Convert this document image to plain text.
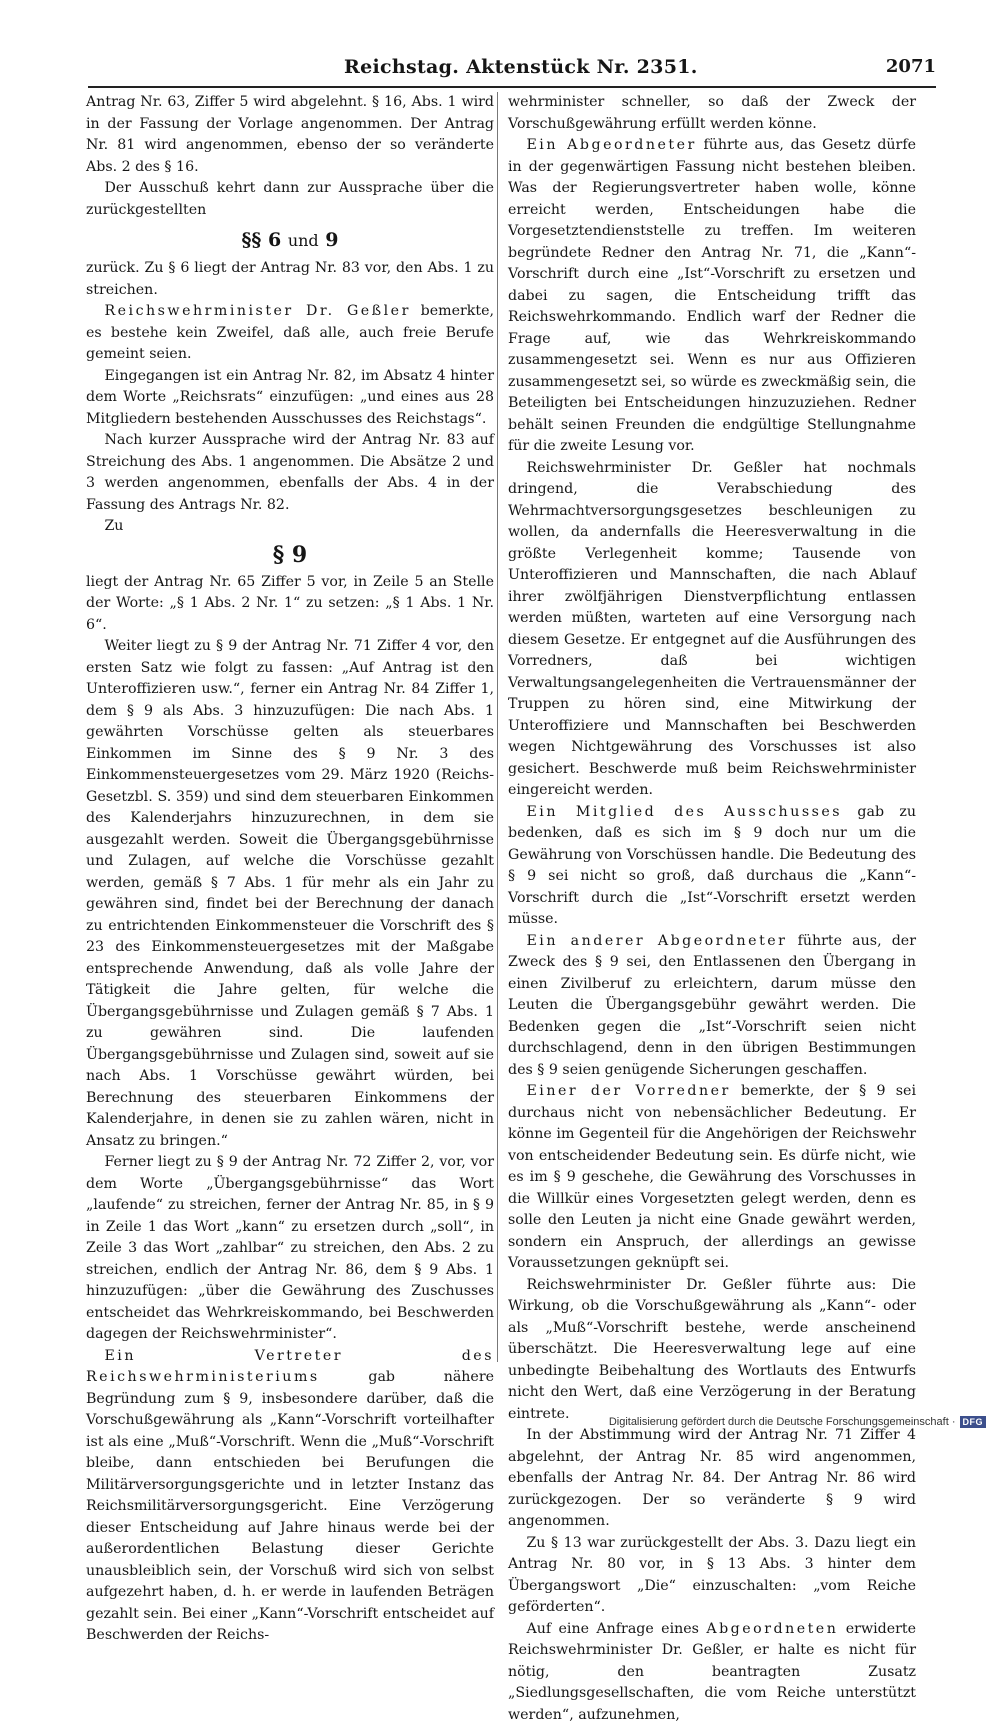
Reichstag. Aktenstück Nr. 2351.	2071

Antrag Nr. 63, Ziffer 5 wird abgelehnt. § 16, Abs. 1 wird in der Fassung der Vorlage angenommen. Der Antrag Nr. 81 wird angenommen, ebenso der so veränderte Abs. 2 des § 16.

Der Ausschuß kehrt dann zur Aussprache über die zurückgestellten

§§ 6 und 9

zurück. Zu § 6 liegt der Antrag Nr. 83 vor, den Abs. 1 zu streichen.

Reichswehrminister Dr. Geßler bemerkte, es bestehe kein Zweifel, daß alle, auch freie Berufe gemeint seien.

Eingegangen ist ein Antrag Nr. 82, im Absatz 4 hinter dem Worte „Reichsrats“ einzufügen: „und eines aus 28 Mitgliedern bestehenden Ausschusses des Reichstags“.

Nach kurzer Aussprache wird der Antrag Nr. 83 auf Streichung des Abs. 1 angenommen. Die Absätze 2 und 3 werden angenommen, ebenfalls der Abs. 4 in der Fassung des Antrags Nr. 82.

Zu

§ 9

liegt der Antrag Nr. 65 Ziffer 5 vor, in Zeile 5 an Stelle der Worte: „§ 1 Abs. 2 Nr. 1“ zu setzen: „§ 1 Abs. 1 Nr. 6“.

Weiter liegt zu § 9 der Antrag Nr. 71 Ziffer 4 vor, den ersten Satz wie folgt zu fassen: „Auf Antrag ist den Unteroffizieren usw.“, ferner ein Antrag Nr. 84 Ziffer 1, dem § 9 als Abs. 3 hinzuzufügen: Die nach Abs. 1 gewährten Vorschüsse gelten als steuerbares Einkommen im Sinne des § 9 Nr. 3 des Einkommensteuergesetzes vom 29. März 1920 (Reichs-Gesetzbl. S. 359) und sind dem steuerbaren Einkommen des Kalenderjahrs hinzuzurechnen, in dem sie ausgezahlt werden. Soweit die Übergangsgebührnisse und Zulagen, auf welche die Vorschüsse gezahlt werden, gemäß § 7 Abs. 1 für mehr als ein Jahr zu gewähren sind, findet bei der Berechnung der danach zu entrichtenden Einkommensteuer die Vorschrift des § 23 des Einkommensteuergesetzes mit der Maßgabe entsprechende Anwendung, daß als volle Jahre der Tätigkeit die Jahre gelten, für welche die Übergangsgebührnisse und Zulagen gemäß § 7 Abs. 1 zu gewähren sind. Die laufenden Übergangsgebührnisse und Zulagen sind, soweit auf sie nach Abs. 1 Vorschüsse gewährt würden, bei Berechnung des steuerbaren Einkommens der Kalenderjahre, in denen sie zu zahlen wären, nicht in Ansatz zu bringen.“

Ferner liegt zu § 9 der Antrag Nr. 72 Ziffer 2, vor, vor dem Worte „Übergangsgebührnisse“ das Wort „laufende“ zu streichen, ferner der Antrag Nr. 85, in § 9 in Zeile 1 das Wort „kann“ zu ersetzen durch „soll“, in Zeile 3 das Wort „zahlbar“ zu streichen, den Abs. 2 zu streichen, endlich der Antrag Nr. 86, dem § 9 Abs. 1 hinzuzufügen: „über die Gewährung des Zuschusses entscheidet das Wehrkreiskommando, bei Beschwerden dagegen der Reichswehrminister“.

Ein Vertreter des Reichswehrministeriums gab nähere Begründung zum § 9, insbesondere darüber, daß die Vorschußgewährung als „Kann“-Vorschrift vorteilhafter ist als eine „Muß“-Vorschrift. Wenn die „Muß“-Vorschrift bleibe, dann entschieden bei Berufungen die Militärversorgungsgerichte und in letzter Instanz das Reichsmilitärversorgungsgericht. Eine Verzögerung dieser Entscheidung auf Jahre hinaus werde bei der außerordentlichen Belastung dieser Gerichte unausbleiblich sein, der Vorschuß wird sich von selbst aufgezehrt haben, d. h. er werde in laufenden Beträgen gezahlt sein. Bei einer „Kann“-Vorschrift entscheidet auf Beschwerden der Reichs-

wehrminister schneller, so daß der Zweck der Vorschußgewährung erfüllt werden könne.

Ein Abgeordneter führte aus, das Gesetz dürfe in der gegenwärtigen Fassung nicht bestehen bleiben. Was der Regierungsvertreter haben wolle, könne erreicht werden, Entscheidungen habe die Vorgesetztendienststelle zu treffen. Im weiteren begründete Redner den Antrag Nr. 71, die „Kann“-Vorschrift durch eine „Ist“-Vorschrift zu ersetzen und dabei zu sagen, die Entscheidung trifft das Reichswehrkommando. Endlich warf der Redner die Frage auf, wie das Wehrkreiskommando zusammengesetzt sei. Wenn es nur aus Offizieren zusammengesetzt sei, so würde es zweckmäßig sein, die Beteiligten bei Entscheidungen hinzuzuziehen. Redner behält seinen Freunden die endgültige Stellungnahme für die zweite Lesung vor.

Reichswehrminister Dr. Geßler hat nochmals dringend, die Verabschiedung des Wehrmachtversorgungsgesetzes beschleunigen zu wollen, da andernfalls die Heeresverwaltung in die größte Verlegenheit komme; Tausende von Unteroffizieren und Mannschaften, die nach Ablauf ihrer zwölfjährigen Dienstverpflichtung entlassen werden müßten, warteten auf eine Versorgung nach diesem Gesetze. Er entgegnet auf die Ausführungen des Vorredners, daß bei wichtigen Verwaltungsangelegenheiten die Vertrauensmänner der Truppen zu hören sind, eine Mitwirkung der Unteroffiziere und Mannschaften bei Beschwerden wegen Nichtgewährung des Vorschusses ist also gesichert. Beschwerde muß beim Reichswehrminister eingereicht werden.

Ein Mitglied des Ausschusses gab zu bedenken, daß es sich im § 9 doch nur um die Gewährung von Vorschüssen handle. Die Bedeutung des § 9 sei nicht so groß, daß durchaus die „Kann“-Vorschrift durch die „Ist“-Vorschrift ersetzt werden müsse.

Ein anderer Abgeordneter führte aus, der Zweck des § 9 sei, den Entlassenen den Übergang in einen Zivilberuf zu erleichtern, darum müsse den Leuten die Übergangsgebühr gewährt werden. Die Bedenken gegen die „Ist“-Vorschrift seien nicht durchschlagend, denn in den übrigen Bestimmungen des § 9 seien genügende Sicherungen geschaffen.

Einer der Vorredner bemerkte, der § 9 sei durchaus nicht von nebensächlicher Bedeutung. Er könne im Gegenteil für die Angehörigen der Reichswehr von entscheidender Bedeutung sein. Es dürfe nicht, wie es im § 9 geschehe, die Gewährung des Vorschusses in die Willkür eines Vorgesetzten gelegt werden, denn es solle den Leuten ja nicht eine Gnade gewährt werden, sondern ein Anspruch, der allerdings an gewisse Voraussetzungen geknüpft sei.

Reichswehrminister Dr. Geßler führte aus: Die Wirkung, ob die Vorschußgewährung als „Kann“- oder als „Muß“-Vorschrift bestehe, werde anscheinend überschätzt. Die Heeresverwaltung lege auf eine unbedingte Beibehaltung des Wortlauts des Entwurfs nicht den Wert, daß eine Verzögerung in der Beratung eintrete.

In der Abstimmung wird der Antrag Nr. 71 Ziffer 4 abgelehnt, der Antrag Nr. 85 wird angenommen, ebenfalls der Antrag Nr. 84. Der Antrag Nr. 86 wird zurückgezogen. Der so veränderte § 9 wird angenommen.

Zu § 13 war zurückgestellt der Abs. 3. Dazu liegt ein Antrag Nr. 80 vor, in § 13 Abs. 3 hinter dem Übergangswort „Die“ einzuschalten: „vom Reiche geförderten“.

Auf eine Anfrage eines Abgeordneten erwiderte Reichswehrminister Dr. Geßler, er halte es nicht für nötig, den beantragten Zusatz „Siedlungsgesellschaften, die vom Reiche unterstützt werden“, aufzunehmen,

Digitalisierung gefördert durch die Deutsche Forschungsgemeinschaft · DFG
